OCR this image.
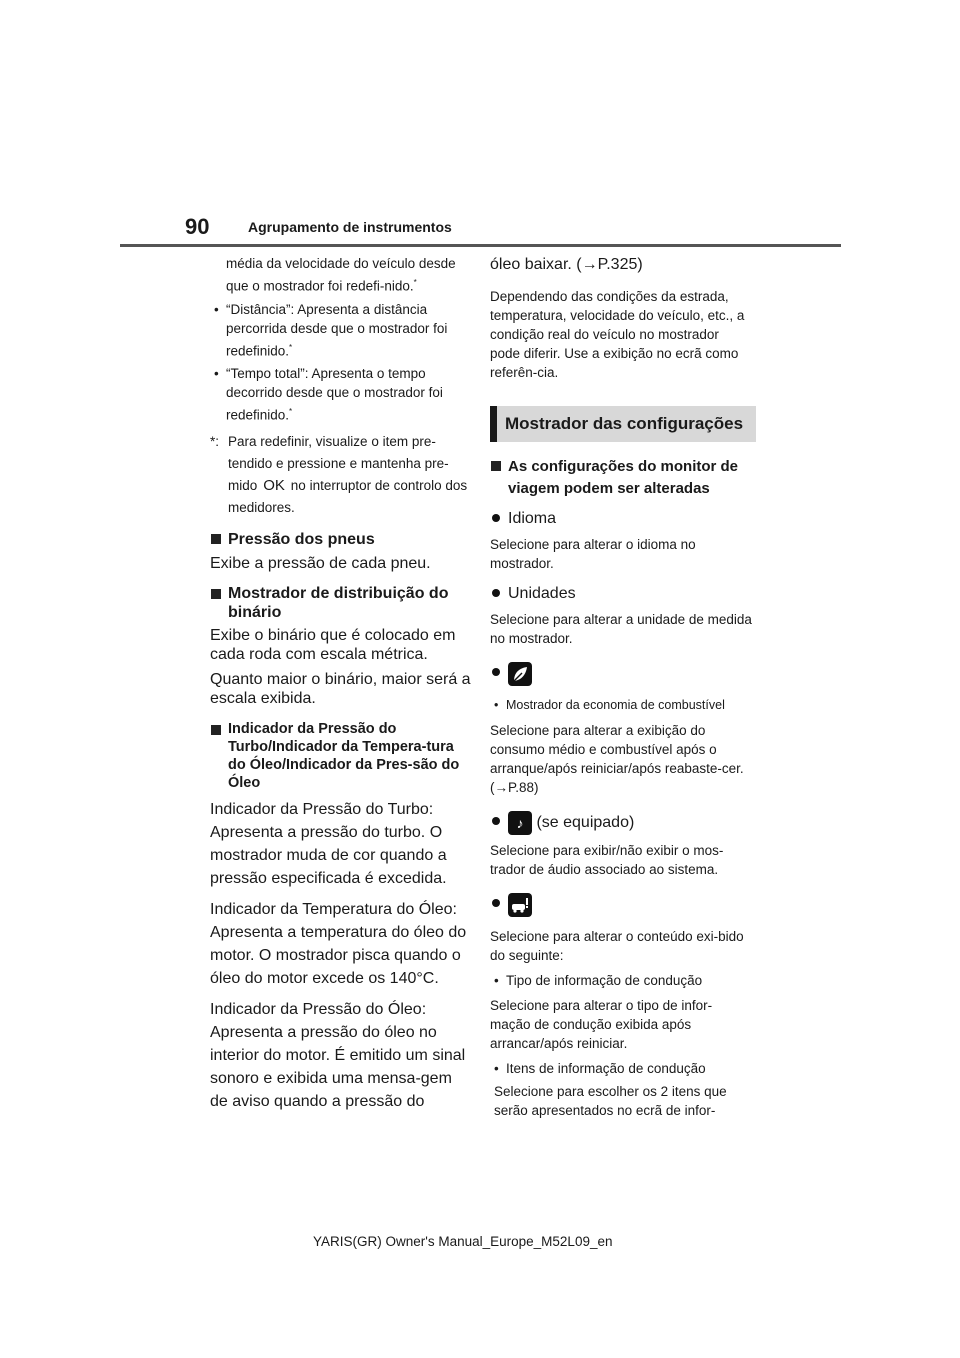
90	Agrupamento de instrumentos
média da velocidade do veículo desde que o mostrador foi redefi-nido.*
• “Distância”: Apresenta a distância percorrida desde que o mostrador foi redefinido.*
• “Tempo total”: Apresenta o tempo decorrido desde que o mostrador foi redefinido.*
*: Para redefinir, visualize o item pre-tendido e pressione e mantenha pre-mido OK no interruptor de controlo dos medidores.
Pressão dos pneus
Exibe a pressão de cada pneu.
Mostrador de distribuição do binário
Exibe o binário que é colocado em cada roda com escala métrica.
Quanto maior o binário, maior será a escala exibida.
Indicador da Pressão do Turbo/Indicador da Tempera-tura do Óleo/Indicador da Pres-são do Óleo
Indicador da Pressão do Turbo: Apresenta a pressão do turbo. O mostrador muda de cor quando a pressão especificada é excedida.
Indicador da Temperatura do Óleo: Apresenta a temperatura do óleo do motor. O mostrador pisca quando o óleo do motor excede os 140°C.
Indicador da Pressão do Óleo: Apresenta a pressão do óleo no interior do motor. É emitido um sinal sonoro e exibida uma mensa-gem de aviso quando a pressão do
óleo baixar. (→P.325)
Dependendo das condições da estrada, temperatura, velocidade do veículo, etc., a condição real do veículo no mostrador pode diferir. Use a exibição no ecrã como referên-cia.
Mostrador das configurações
As configurações do monitor de viagem podem ser alteradas
Idioma
Selecione para alterar o idioma no mostrador.
Unidades
Selecione para alterar a unidade de medida no mostrador.
• Mostrador da economia de combustível
Selecione para alterar a exibição do consumo médio e combustível após o arranque/após reiniciar/após reabaste-cer. (→P.88)
♪ (se equipado)
Selecione para exibir/não exibir o mos-trador de áudio associado ao sistema.
Selecione para alterar o conteúdo exi-bido do seguinte:
• Tipo de informação de condução
Selecione para alterar o tipo de infor-mação de condução exibida após arrancar/após reiniciar.
• Itens de informação de condução
Selecione para escolher os 2 itens que serão apresentados no ecrã de infor-
YARIS(GR) Owner's Manual_Europe_M52L09_en
